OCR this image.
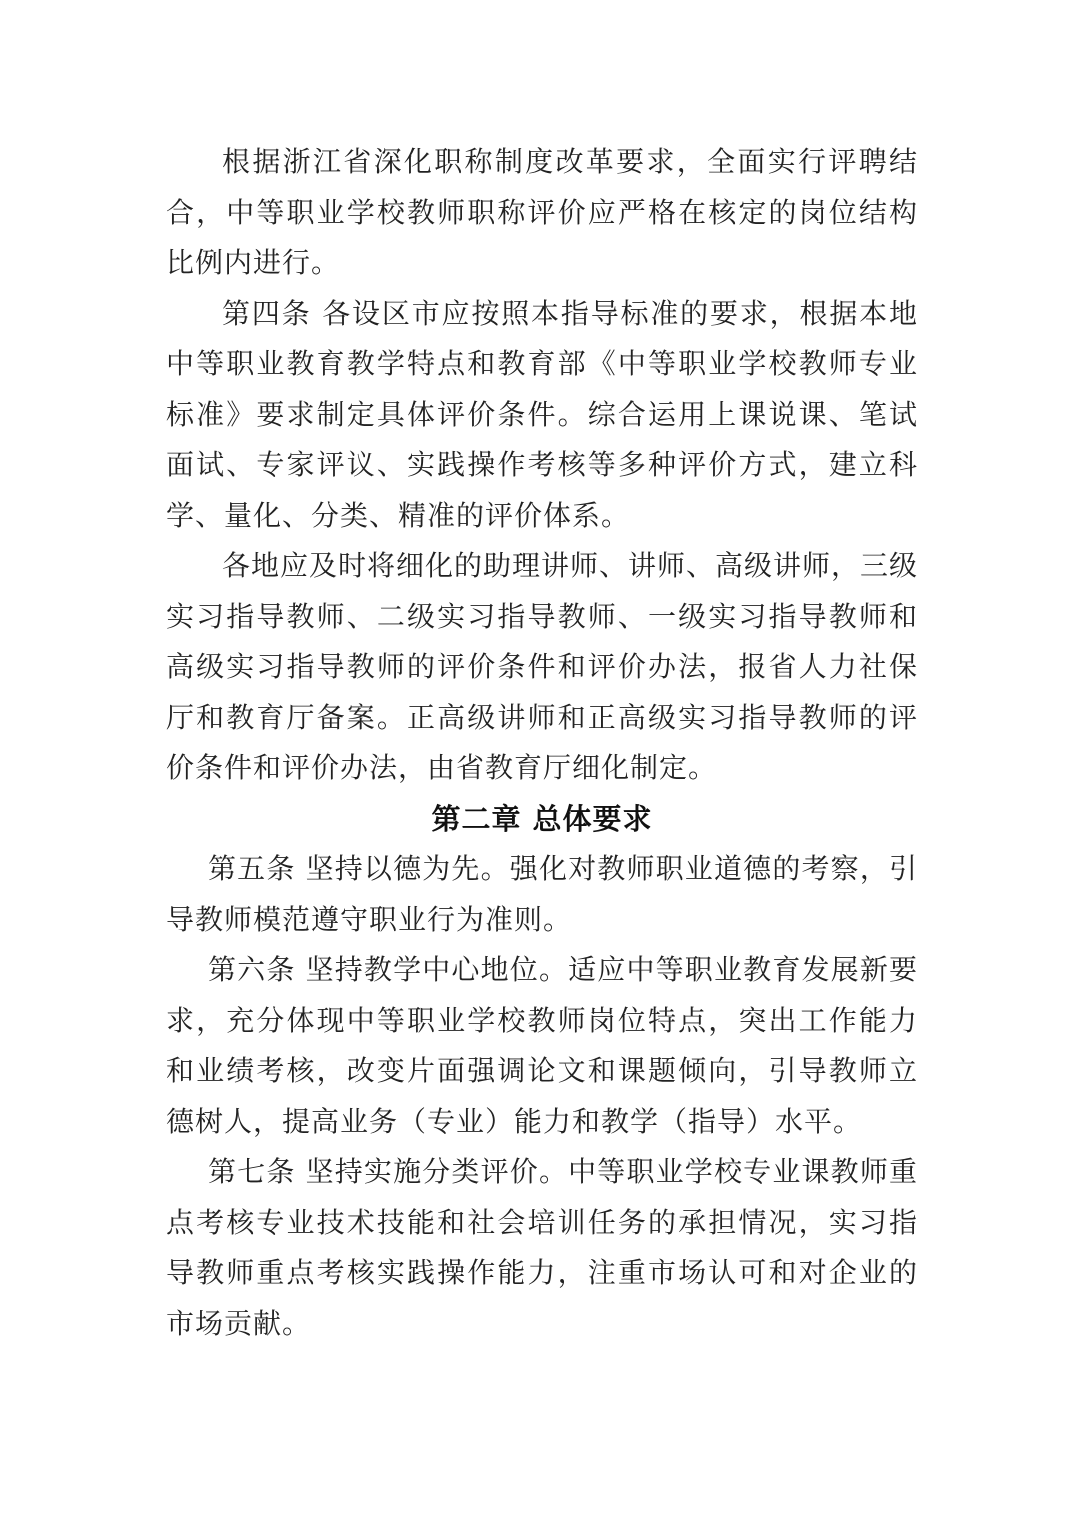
根据浙江省深化职称制度改革要求，全面实行评聘结合，中等职业学校教师职称评价应严格在核定的岗位结构比例内进行。

第四条 各设区市应按照本指导标准的要求，根据本地中等职业教育教学特点和教育部《中等职业学校教师专业标准》要求制定具体评价条件。综合运用上课说课、笔试面试、专家评议、实践操作考核等多种评价方式，建立科学、量化、分类、精准的评价体系。

各地应及时将细化的助理讲师、讲师、高级讲师，三级实习指导教师、二级实习指导教师、一级实习指导教师和高级实习指导教师的评价条件和评价办法，报省人力社保厅和教育厅备案。正高级讲师和正高级实习指导教师的评价条件和评价办法，由省教育厅细化制定。

第二章 总体要求

第五条 坚持以德为先。强化对教师职业道德的考察，引导教师模范遵守职业行为准则。

第六条 坚持教学中心地位。适应中等职业教育发展新要求，充分体现中等职业学校教师岗位特点，突出工作能力和业绩考核，改变片面强调论文和课题倾向，引导教师立德树人，提高业务（专业）能力和教学（指导）水平。

第七条 坚持实施分类评价。中等职业学校专业课教师重点考核专业技术技能和社会培训任务的承担情况，实习指导教师重点考核实践操作能力，注重市场认可和对企业的市场贡献。
